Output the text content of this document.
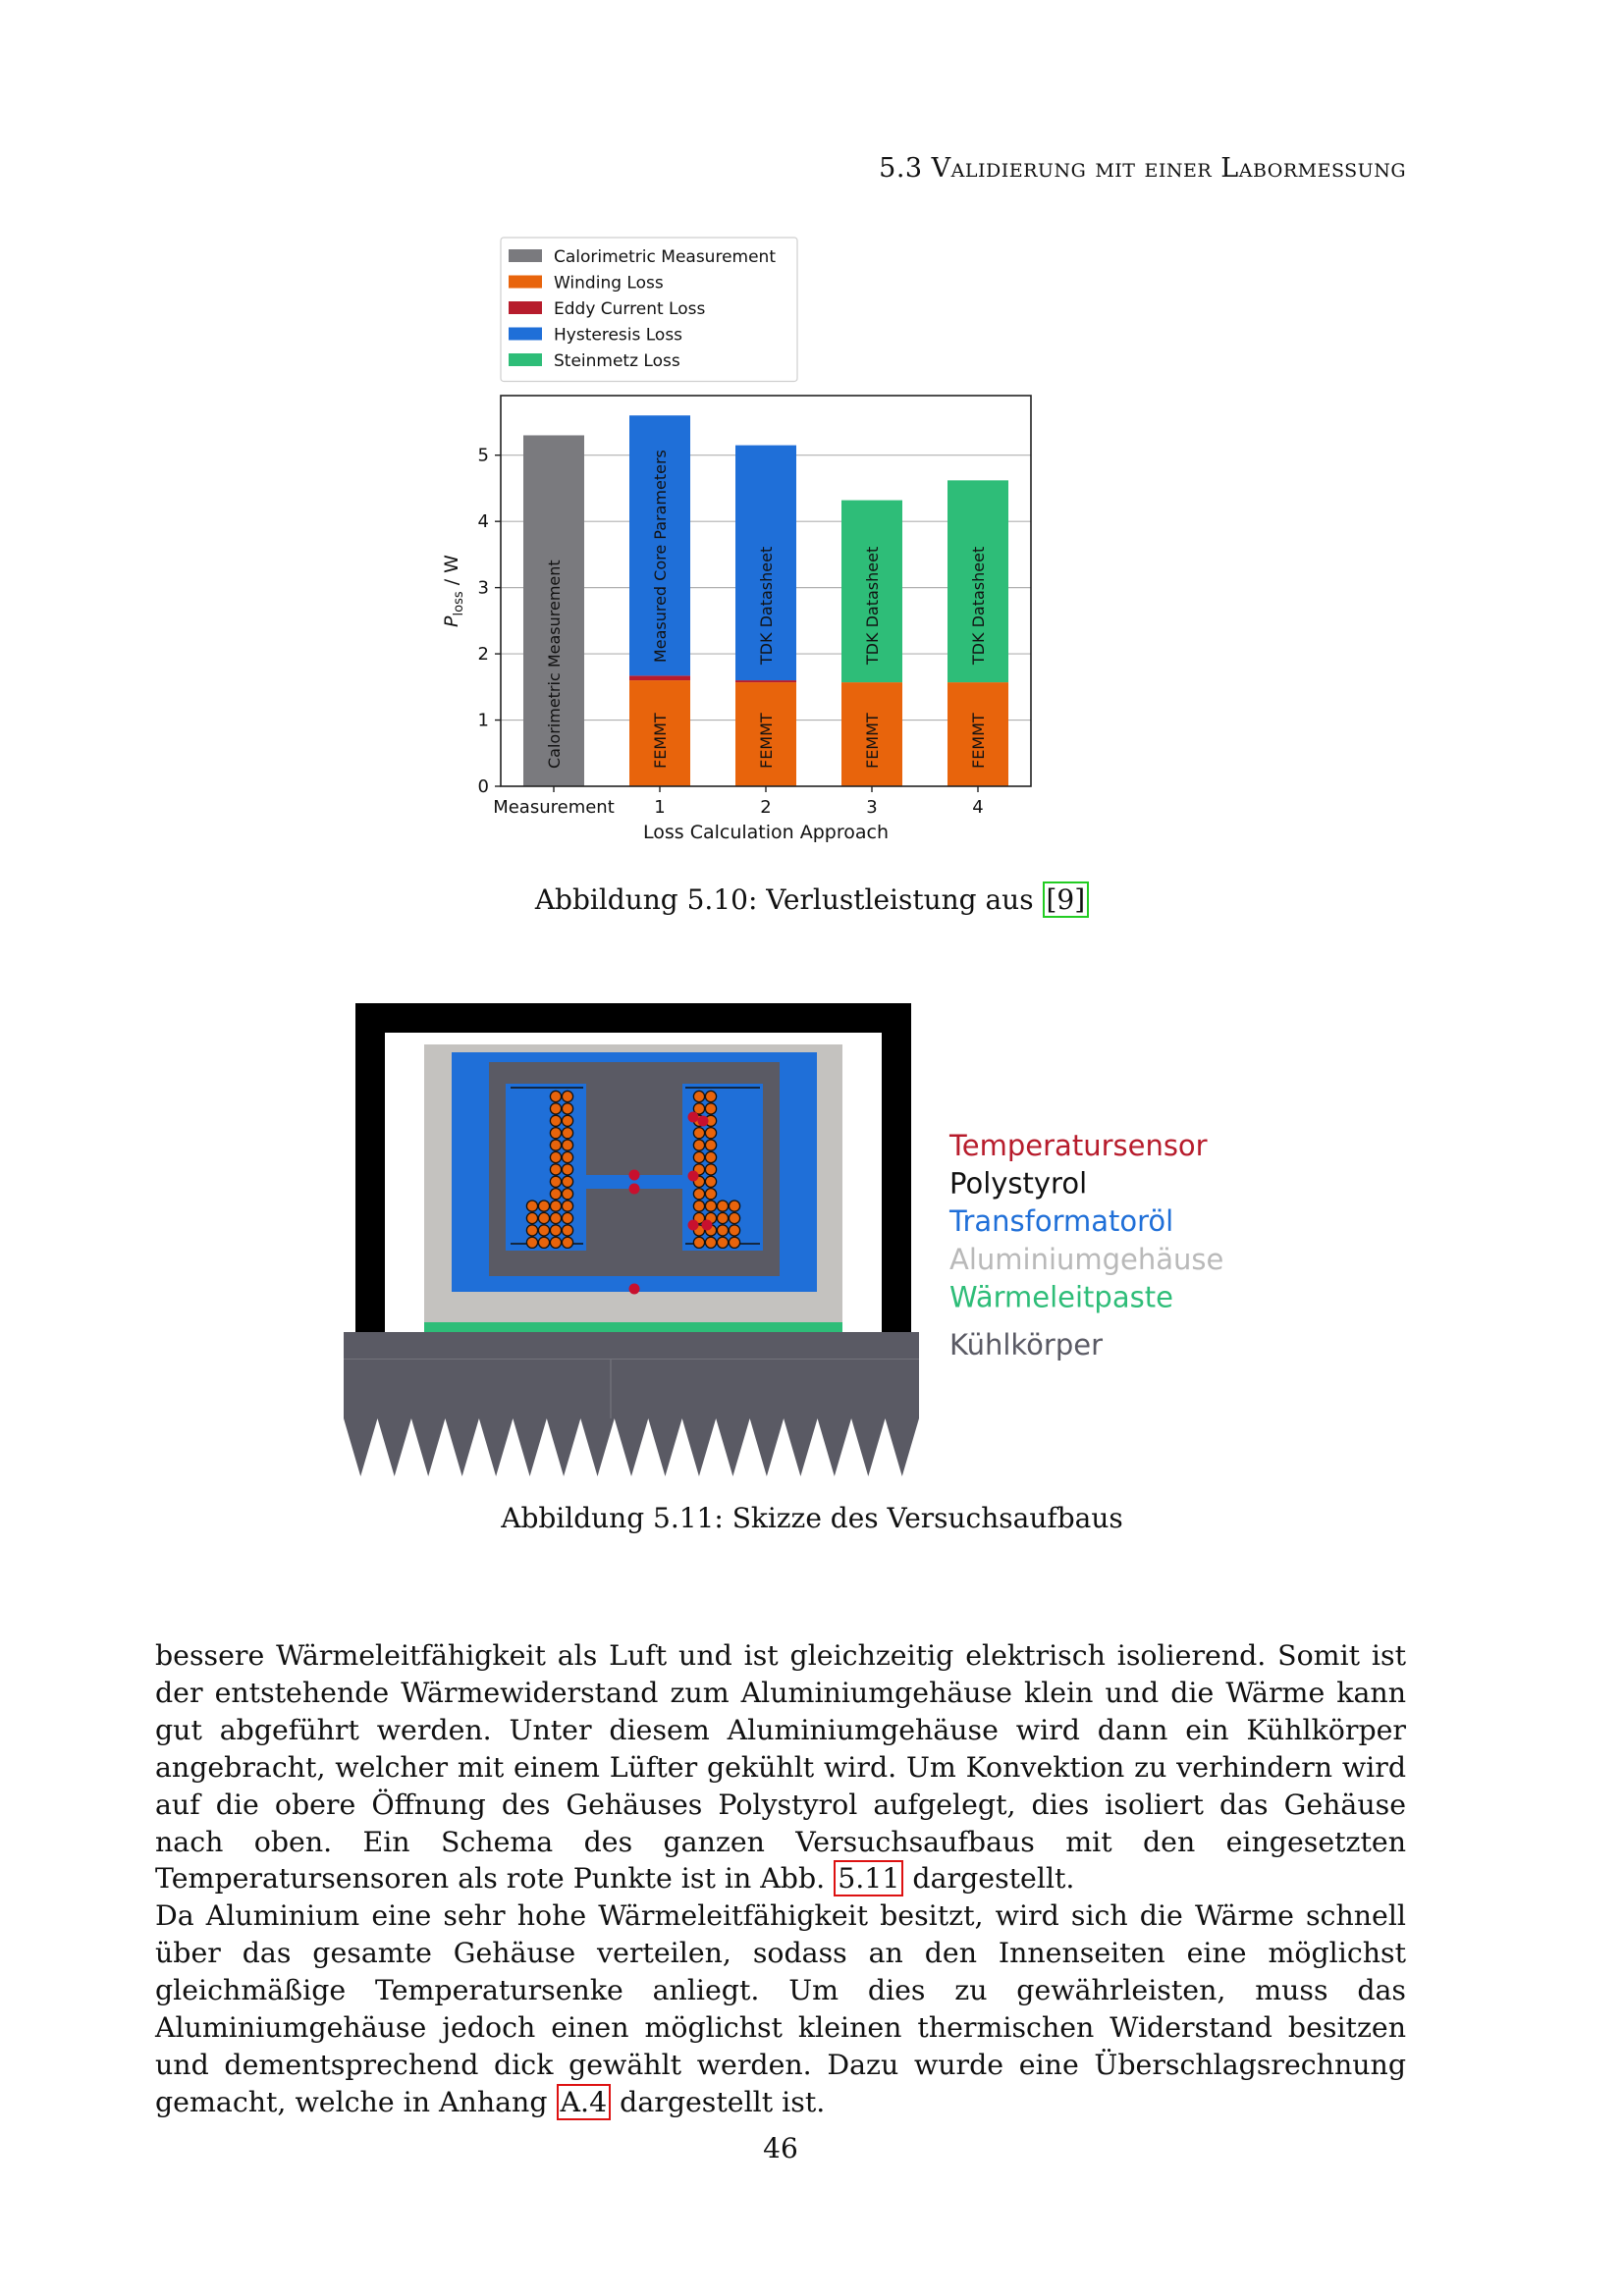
5.3 Validierung mit einer Labormessung
Calorimetric Measurement	FEMMT
Measured Core Parameters
FEMMT
TDK Datasheet
FEMMT
TDK Datasheet
FEMMT
TDK Datasheet
0
1
2
3
4
5
Measurement 1	2	3	4
Loss Calculation Approach
$P_{loss}$ / W
Calorimetric Measurement
Winding Loss
Eddy Current Loss
Hysteresis Loss
Steinmetz Loss
Abbildung 5.10: Verlustleistung aus [9]
Temperatursensor
Polystyrol
Transformatoröl
Aluminiumgehäuse
Wärmeleitpaste
Kühlkörper
Abbildung 5.11: Skizze des Versuchsaufbaus

bessere Wärmeleitfähigkeit als Luft und ist gleichzeitig elektrisch isolierend. Somit ist der entstehende Wärmewiderstand zum Aluminiumgehäuse klein und die Wärme kann gut abgeführt werden. Unter diesem Aluminiumgehäuse wird dann ein Kühlkörper angebracht, welcher mit einem Lüfter gekühlt wird. Um Konvektion zu verhindern wird auf die obere Öffnung des Gehäuses Polystyrol aufgelegt, dies isoliert das Gehäuse nach oben. Ein Schema des ganzen Versuchsaufbaus mit den eingesetzten Temperatursensoren als rote Punkte ist in Abb. 5.11 dargestellt.

Da Aluminium eine sehr hohe Wärmeleitfähigkeit besitzt, wird sich die Wärme schnell über das gesamte Gehäuse verteilen, sodass an den Innenseiten eine möglichst gleichmäßige Temperatursenke anliegt. Um dies zu gewährleisten, muss das Aluminiumgehäuse jedoch einen möglichst kleinen thermischen Widerstand besitzen und dementsprechend dick gewählt werden. Dazu wurde eine Überschlagsrechnung gemacht, welche in Anhang A.4 dargestellt ist.

46
